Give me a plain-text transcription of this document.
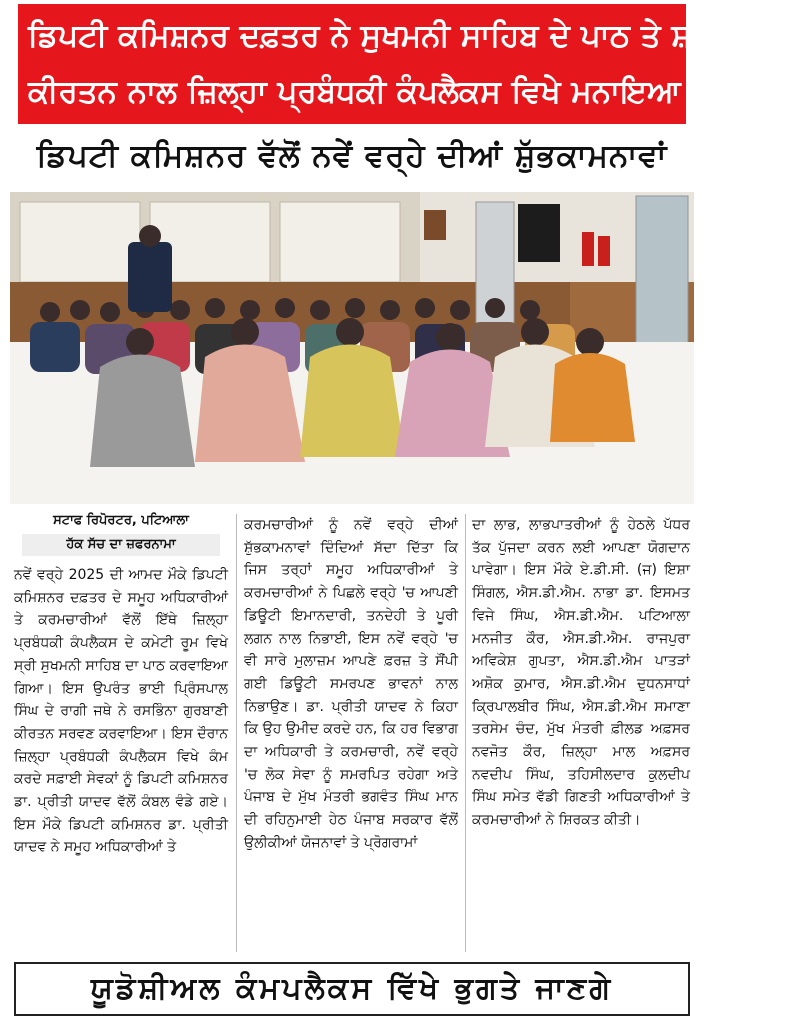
ਡਿਪਟੀ ਕਮਿਸ਼ਨਰ ਦਫ਼ਤਰ ਨੇ ਸੁਖਮਨੀ ਸਾਹਿਬ ਦੇ ਪਾਠ ਤੇ ਸ਼ਬਦ
ਕੀਰਤਨ ਨਾਲ ਜ਼ਿਲ੍ਹਾ ਪ੍ਰਬੰਧਕੀ ਕੰਪਲੈਕਸ ਵਿਖੇ ਮਨਾਇਆ ਨਵਾਂ ਸਾਲ
ਡਿਪਟੀ ਕਮਿਸ਼ਨਰ ਵੱਲੋਂ ਨਵੇਂ ਵਰ੍ਹੇ ਦੀਆਂ ਸ਼ੁੱਭਕਾਮਨਾਵਾਂ
ਸਟਾਫ ਰਿਪੋਰਟਰ, ਪਟਿਆਲਾ
ਹੱਕ ਸੱਚ ਦਾ ਜ਼ਫਰਨਾਮਾ
ਨਵੇਂ ਵਰ੍ਹੇ 2025 ਦੀ ਆਮਦ ਮੌਕੇ ਡਿਪਟੀ ਕਮਿਸ਼ਨਰ ਦਫ਼ਤਰ ਦੇ ਸਮੂਹ ਅਧਿਕਾਰੀਆਂ ਤੇ ਕਰਮਚਾਰੀਆਂ ਵੱਲੋਂ ਇੱਥੇ ਜ਼ਿਲ੍ਹਾ ਪ੍ਰਬੰਧਕੀ ਕੰਪਲੈਕਸ ਦੇ ਕਮੇਟੀ ਰੂਮ ਵਿਖੇ ਸ੍ਰੀ ਸੁਖਮਨੀ ਸਾਹਿਬ ਦਾ ਪਾਠ ਕਰਵਾਇਆ ਗਿਆ। ਇਸ ਉਪਰੰਤ ਭਾਈ ਪ੍ਰਿੰਸਪਾਲ ਸਿੰਘ ਦੇ ਰਾਗੀ ਜਥੇ ਨੇ ਰਸਭਿੰਨਾ ਗੁਰਬਾਣੀ ਕੀਰਤਨ ਸਰਵਣ ਕਰਵਾਇਆ। ਇਸ ਦੌਰਾਨ ਜ਼ਿਲ੍ਹਾ ਪ੍ਰਬੰਧਕੀ ਕੰਪਲੈਕਸ ਵਿਖੇ ਕੰਮ ਕਰਦੇ ਸਫ਼ਾਈ ਸੇਵਕਾਂ ਨੂੰ ਡਿਪਟੀ ਕਮਿਸ਼ਨਰ ਡਾ. ਪ੍ਰੀਤੀ ਯਾਦਵ ਵੱਲੋਂ ਕੰਬਲ ਵੰਡੇ ਗਏ। ਇਸ ਮੌਕੇ ਡਿਪਟੀ ਕਮਿਸ਼ਨਰ ਡਾ. ਪ੍ਰੀਤੀ ਯਾਦਵ ਨੇ ਸਮੂਹ ਅਧਿਕਾਰੀਆਂ ਤੇ
ਕਰਮਚਾਰੀਆਂ ਨੂੰ ਨਵੇਂ ਵਰ੍ਹੇ ਦੀਆਂ ਸ਼ੁੱਭਕਾਮਨਾਵਾਂ ਦਿੰਦਿਆਂ ਸੱਦਾ ਦਿੱਤਾ ਕਿ ਜਿਸ ਤਰ੍ਹਾਂ ਸਮੂਹ ਅਧਿਕਾਰੀਆਂ ਤੇ ਕਰਮਚਾਰੀਆਂ ਨੇ ਪਿਛਲੇ ਵਰ੍ਹੇ 'ਚ ਆਪਣੀ ਡਿਊਟੀ ਇਮਾਨਦਾਰੀ, ਤਨਦੇਹੀ ਤੇ ਪੂਰੀ ਲਗਨ ਨਾਲ ਨਿਭਾਈ, ਇਸ ਨਵੇਂ ਵਰ੍ਹੇ 'ਚ ਵੀ ਸਾਰੇ ਮੁਲਾਜ਼ਮ ਆਪਣੇ ਫ਼ਰਜ਼ ਤੇ ਸੌਂਪੀ ਗਈ ਡਿਊਟੀ ਸਮਰਪਣ ਭਾਵਨਾਂ ਨਾਲ ਨਿਭਾਉਣ। ਡਾ. ਪ੍ਰੀਤੀ ਯਾਦਵ ਨੇ ਕਿਹਾ ਕਿ ਉਹ ਉਮੀਦ ਕਰਦੇ ਹਨ, ਕਿ ਹਰ ਵਿਭਾਗ ਦਾ ਅਧਿਕਾਰੀ ਤੇ ਕਰਮਚਾਰੀ, ਨਵੇਂ ਵਰ੍ਹੇ 'ਚ ਲੋਕ ਸੇਵਾ ਨੂੰ ਸਮਰਪਿਤ ਰਹੇਗਾ ਅਤੇ ਪੰਜਾਬ ਦੇ ਮੁੱਖ ਮੰਤਰੀ ਭਗਵੰਤ ਸਿੰਘ ਮਾਨ ਦੀ ਰਹਿਨੁਮਾਈ ਹੇਠ ਪੰਜਾਬ ਸਰਕਾਰ ਵੱਲੋਂ ਉਲੀਕੀਆਂ ਯੋਜਨਾਵਾਂ ਤੇ ਪ੍ਰੋਗਰਾਮਾਂ
ਦਾ ਲਾਭ, ਲਾਭਪਾਤਰੀਆਂ ਨੂੰ ਹੇਠਲੇ ਪੱਧਰ ਤੱਕ ਪੁੱਜਦਾ ਕਰਨ ਲਈ ਆਪਣਾ ਯੋਗਦਾਨ ਪਾਵੇਗਾ। ਇਸ ਮੌਕੇ ਏ.ਡੀ.ਸੀ. (ਜ) ਇਸ਼ਾ ਸਿੰਗਲ, ਐਸ.ਡੀ.ਐਮ. ਨਾਭਾ ਡਾ. ਇਸਮਤ ਵਿਜੇ ਸਿੰਘ, ਐਸ.ਡੀ.ਐਮ. ਪਟਿਆਲਾ ਮਨਜੀਤ ਕੌਰ, ਐਸ.ਡੀ.ਐਮ. ਰਾਜਪੁਰਾ ਅਵਿਕੇਸ਼ ਗੁਪਤਾ, ਐਸ.ਡੀ.ਐਮ ਪਾਤੜਾਂ ਅਸ਼ੋਕ ਕੁਮਾਰ, ਐਸ.ਡੀ.ਐਮ ਦੁਧਨਸਾਧਾਂ ਕ੍ਰਿਪਾਲਬੀਰ ਸਿੰਘ, ਐਸ.ਡੀ.ਐਮ ਸਮਾਣਾ ਤਰਸੇਮ ਚੰਦ, ਮੁੱਖ ਮੰਤਰੀ ਫ਼ੀਲਡ ਅਫ਼ਸਰ ਨਵਜੋਤ ਕੌਰ, ਜ਼ਿਲ੍ਹਾ ਮਾਲ ਅਫ਼ਸਰ ਨਵਦੀਪ ਸਿੰਘ, ਤਹਿਸੀਲਦਾਰ ਕੁਲਦੀਪ ਸਿੰਘ ਸਮੇਤ ਵੱਡੀ ਗਿਣਤੀ ਅਧਿਕਾਰੀਆਂ ਤੇ ਕਰਮਚਾਰੀਆਂ ਨੇ ਸ਼ਿਰਕਤ ਕੀਤੀ।
ਯੂਡੋਸ਼ੀਅਲ ਕੰਮਪਲੈਕਸ ਵਿੱਖੇ ਭੁਗਤੇ ਜਾਣਗੇ
